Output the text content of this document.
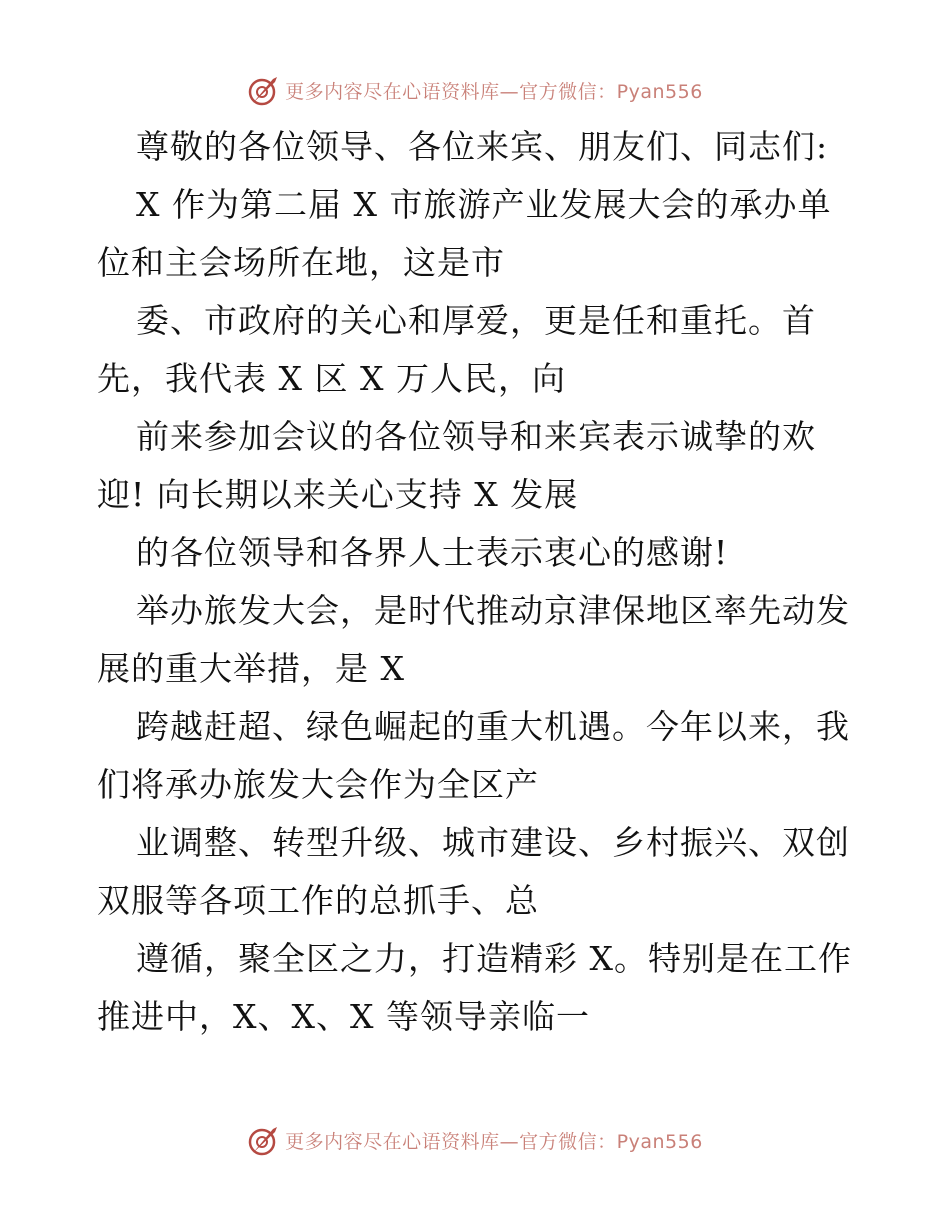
更多内容尽在心语资料库—官方微信：Pyan556
尊敬的各位领导、各位来宾、朋友们、同志们:
X 作为第二届 X 市旅游产业发展大会的承办单
位和主会场所在地，这是市
委、市政府的关心和厚爱，更是任和重托。首
先，我代表 X 区 X 万人民，向
前来参加会议的各位领导和来宾表示诚挚的欢
迎! 向长期以来关心支持 X 发展
的各位领导和各界人士表示衷心的感谢!
举办旅发大会，是时代推动京津保地区率先动发
展的重大举措，是 X
跨越赶超、绿色崛起的重大机遇。今年以来，我
们将承办旅发大会作为全区产
业调整、转型升级、城市建设、乡村振兴、双创
双服等各项工作的总抓手、总
遵循，聚全区之力，打造精彩 X。特别是在工作
推进中，X、X、X 等领导亲临一
更多内容尽在心语资料库—官方微信：Pyan556
